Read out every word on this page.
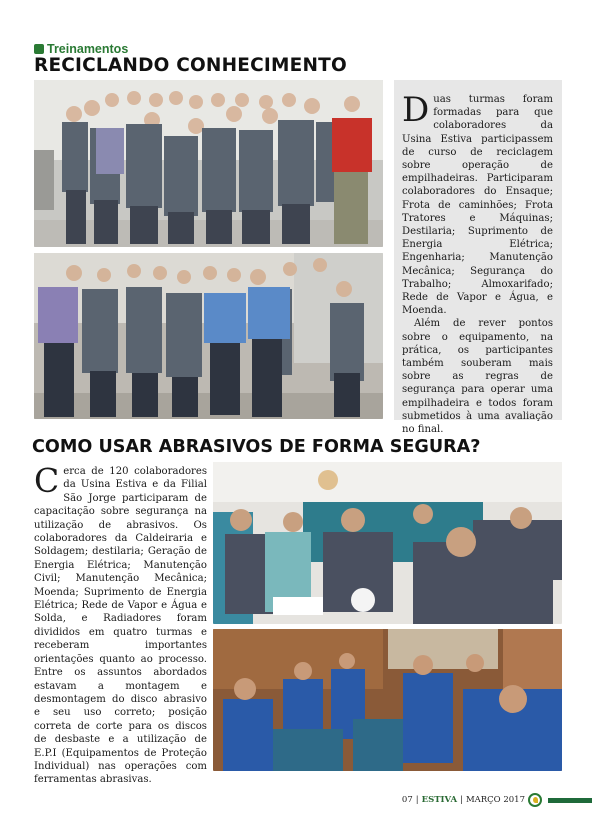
Treinamentos
RECICLANDO CONHECIMENTO

Duas turmas foram formadas para que colaboradores da Usina Estiva participassem de curso de reciclagem sobre operação de empilhadeiras. Participaram colaboradores do Ensaque; Frota de caminhões; Frota Tratores e Máquinas; Destilaria; Suprimento de Energia Elétrica; Engenharia; Manutenção Mecânica; Segurança do Trabalho; Almoxarifado; Rede de Vapor e Água, e Moenda.

Além de rever pontos sobre o equipamento, na prática, os participantes também souberam mais sobre as regras de segurança para operar uma empilhadeira e todos foram submetidos à uma avaliação no final.

COMO USAR ABRASIVOS DE FORMA SEGURA?

Cerca de 120 colaboradores da Usina Estiva e da Filial São Jorge participaram de capacitação sobre segurança na utilização de abrasivos. Os colaboradores da Caldeiraria e Soldagem; destilaria; Geração de Energia Elétrica; Manutenção Civil; Manutenção Mecânica; Moenda; Suprimento de Energia Elétrica; Rede de Vapor e Água e Solda, e Radiadores foram divididos em quatro turmas e receberam importantes orientações quanto ao processo. Entre os assuntos abordados estavam a montagem e desmontagem do disco abrasivo e seu uso correto; posição correta de corte para os discos de desbaste e a utilização de E.P.I (Equipamentos de Proteção Individual) nas operações com ferramentas abrasivas.

07 | ESTIVA | MARÇO 2017
